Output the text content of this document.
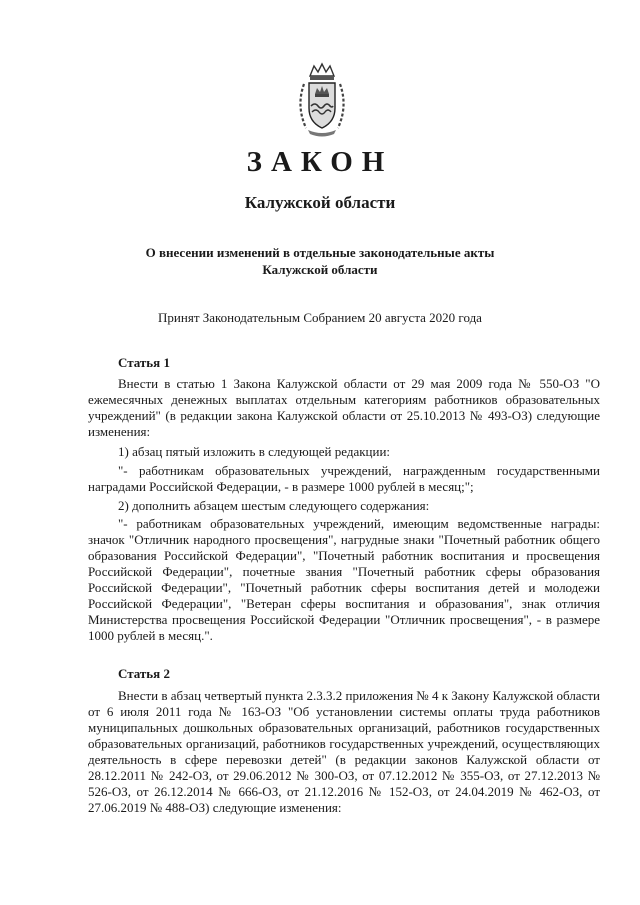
ЗАКОН
Калужской области
О внесении изменений в отдельные законодательные акты Калужской области
Принят Законодательным Собранием 20 августа 2020 года
Статья 1
Внести в статью 1 Закона Калужской области от 29 мая 2009 года № 550-ОЗ "О ежемесячных денежных выплатах отдельным категориям работников образовательных учреждений" (в редакции закона Калужской области от 25.10.2013 № 493-ОЗ) следующие изменения:
1) абзац пятый изложить в следующей редакции:
"- работникам образовательных учреждений, награжденным государственными наградами Российской Федерации, - в размере 1000 рублей в месяц;";
2) дополнить абзацем шестым следующего содержания:
"- работникам образовательных учреждений, имеющим ведомственные награды: значок "Отличник народного просвещения", нагрудные знаки "Почетный работник общего образования Российской Федерации", "Почетный работник воспитания и просвещения Российской Федерации", почетные звания "Почетный работник сферы образования Российской Федерации", "Почетный работник сферы воспитания детей и молодежи Российской Федерации", "Ветеран сферы воспитания и образования", знак отличия Министерства просвещения Российской Федерации "Отличник просвещения", - в размере 1000 рублей в месяц.".
Статья 2
Внести в абзац четвертый пункта 2.3.3.2 приложения № 4 к Закону Калужской области от 6 июля 2011 года № 163-ОЗ "Об установлении системы оплаты труда работников муниципальных дошкольных образовательных организаций, работников государственных образовательных организаций, работников государственных учреждений, осуществляющих деятельность в сфере перевозки детей" (в редакции законов Калужской области от 28.12.2011 № 242-ОЗ, от 29.06.2012 № 300-ОЗ, от 07.12.2012 № 355-ОЗ, от 27.12.2013 № 526-ОЗ, от 26.12.2014 № 666-ОЗ, от 21.12.2016 № 152-ОЗ, от 24.04.2019 № 462-ОЗ, от 27.06.2019 № 488-ОЗ) следующие изменения:
